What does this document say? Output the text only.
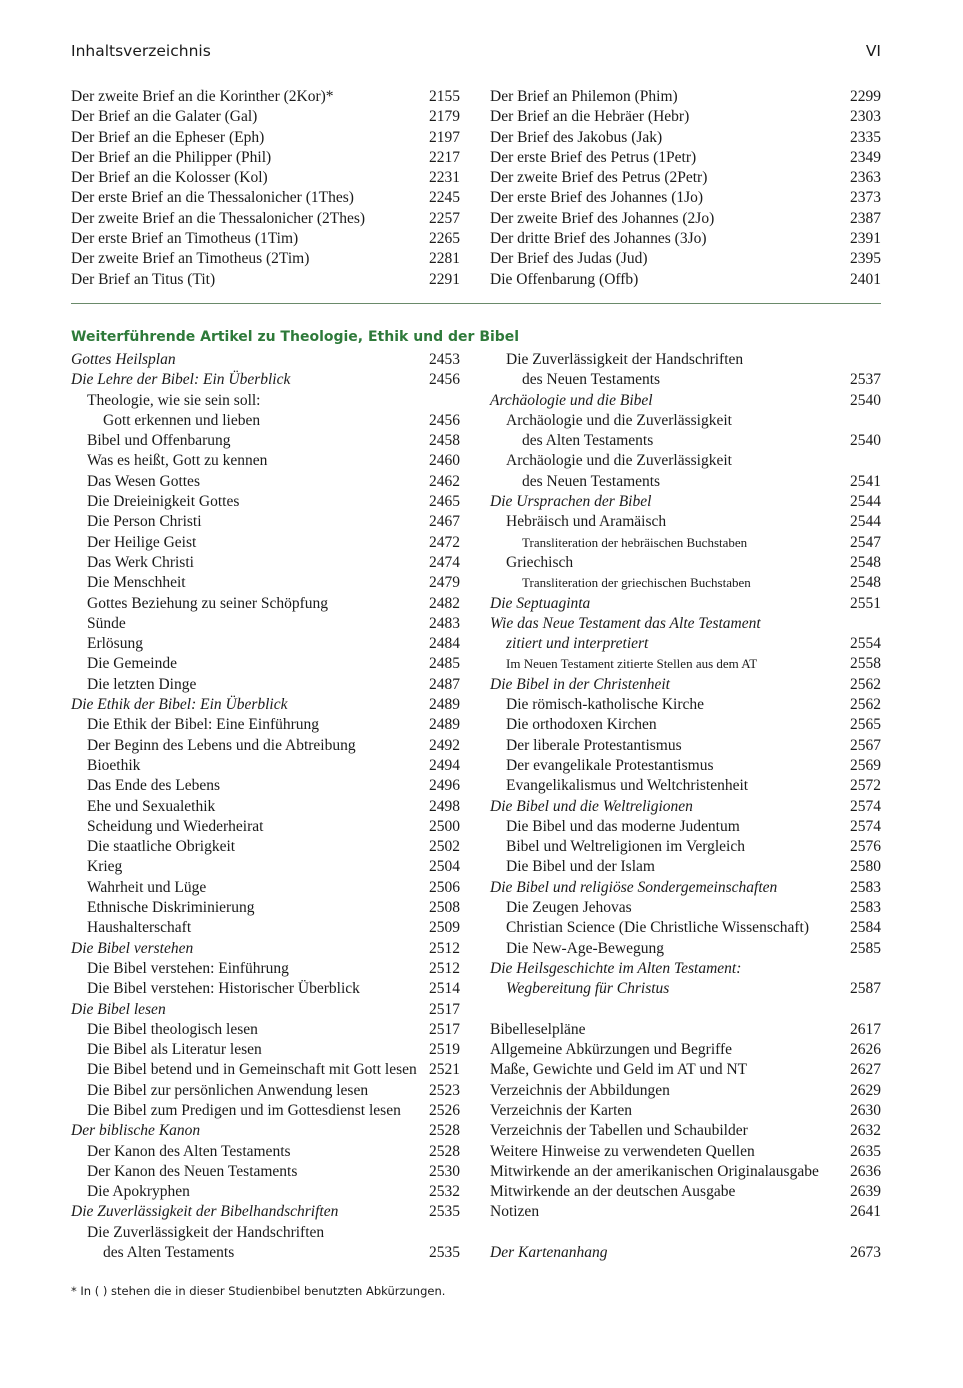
Inhaltsverzeichnis	VI
Der zweite Brief an die Korinther (2Kor)*	2155
Der Brief an die Galater (Gal)	2179
Der Brief an die Epheser (Eph)	2197
Der Brief an die Philipper (Phil)	2217
Der Brief an die Kolosser (Kol)	2231
Der erste Brief an die Thessalonicher (1Thes)	2245
Der zweite Brief an die Thessalonicher (2Thes)	2257
Der erste Brief an Timotheus (1Tim)	2265
Der zweite Brief an Timotheus (2Tim)	2281
Der Brief an Titus (Tit)	2291
Der Brief an Philemon (Phim)	2299
Der Brief an die Hebräer (Hebr)	2303
Der Brief des Jakobus (Jak)	2335
Der erste Brief des Petrus (1Petr)	2349
Der zweite Brief des Petrus (2Petr)	2363
Der erste Brief des Johannes (1Jo)	2373
Der zweite Brief des Johannes (2Jo)	2387
Der dritte Brief des Johannes (3Jo)	2391
Der Brief des Judas (Jud)	2395
Die Offenbarung (Offb)	2401
Weiterführende Artikel zu Theologie, Ethik und der Bibel
Gottes Heilsplan	2453
Die Lehre der Bibel: Ein Überblick	2456
Theologie, wie sie sein soll:
Gott erkennen und lieben	2456
Bibel und Offenbarung	2458
Was es heißt, Gott zu kennen	2460
Das Wesen Gottes	2462
Die Dreieinigkeit Gottes	2465
Die Person Christi	2467
Der Heilige Geist	2472
Das Werk Christi	2474
Die Menschheit	2479
Gottes Beziehung zu seiner Schöpfung	2482
Sünde	2483
Erlösung	2484
Die Gemeinde	2485
Die letzten Dinge	2487
Die Ethik der Bibel: Ein Überblick	2489
Die Ethik der Bibel: Eine Einführung	2489
Der Beginn des Lebens und die Abtreibung	2492
Bioethik	2494
Das Ende des Lebens	2496
Ehe und Sexualethik	2498
Scheidung und Wiederheirat	2500
Die staatliche Obrigkeit	2502
Krieg	2504
Wahrheit und Lüge	2506
Ethnische Diskriminierung	2508
Haushalterschaft	2509
Die Bibel verstehen	2512
Die Bibel verstehen: Einführung	2512
Die Bibel verstehen: Historischer Überblick	2514
Die Bibel lesen	2517
Die Bibel theologisch lesen	2517
Die Bibel als Literatur lesen	2519
Die Bibel betend und in Gemeinschaft mit Gott lesen 2521
Die Bibel zur persönlichen Anwendung lesen	2523
Die Bibel zum Predigen und im Gottesdienst lesen 2526
Der biblische Kanon	2528
Der Kanon des Alten Testaments	2528
Der Kanon des Neuen Testaments	2530
Die Apokryphen	2532
Die Zuverlässigkeit der Bibelhandschriften	2535
Die Zuverlässigkeit der Handschriften
des Alten Testaments	2535
Die Zuverlässigkeit der Handschriften
des Neuen Testaments	2537
Archäologie und die Bibel	2540
Archäologie und die Zuverlässigkeit
des Alten Testaments	2540
Archäologie und die Zuverlässigkeit
des Neuen Testaments	2541
Die Ursprachen der Bibel	2544
Hebräisch und Aramäisch	2544
Transliteration der hebräischen Buchstaben	2547
Griechisch	2548
Transliteration der griechischen Buchstaben	2548
Die Septuaginta	2551
Wie das Neue Testament das Alte Testament
zitiert und interpretiert	2554
Im Neuen Testament zitierte Stellen aus dem AT	2558
Die Bibel in der Christenheit	2562
Die römisch-katholische Kirche	2562
Die orthodoxen Kirchen	2565
Der liberale Protestantismus	2567
Der evangelikale Protestantismus	2569
Evangelikalismus und Weltchristenheit	2572
Die Bibel und die Weltreligionen	2574
Die Bibel und das moderne Judentum	2574
Bibel und Weltreligionen im Vergleich	2576
Die Bibel und der Islam	2580
Die Bibel und religiöse Sondergemeinschaften	2583
Die Zeugen Jehovas	2583
Christian Science (Die Christliche Wissenschaft)	2584
Die New-Age-Bewegung	2585
Die Heilsgeschichte im Alten Testament:
Wegbereitung für Christus	2587
Bibelleselpläne	2617
Allgemeine Abkürzungen und Begriffe	2626
Maße, Gewichte und Geld im AT und NT	2627
Verzeichnis der Abbildungen	2629
Verzeichnis der Karten	2630
Verzeichnis der Tabellen und Schaubilder	2632
Weitere Hinweise zu verwendeten Quellen	2635
Mitwirkende an der amerikanischen Originalausgabe 2636
Mitwirkende an der deutschen Ausgabe	2639
Notizen	2641
Der Kartenanhang	2673
* In ( ) stehen die in dieser Studienbibel benutzten Abkürzungen.
